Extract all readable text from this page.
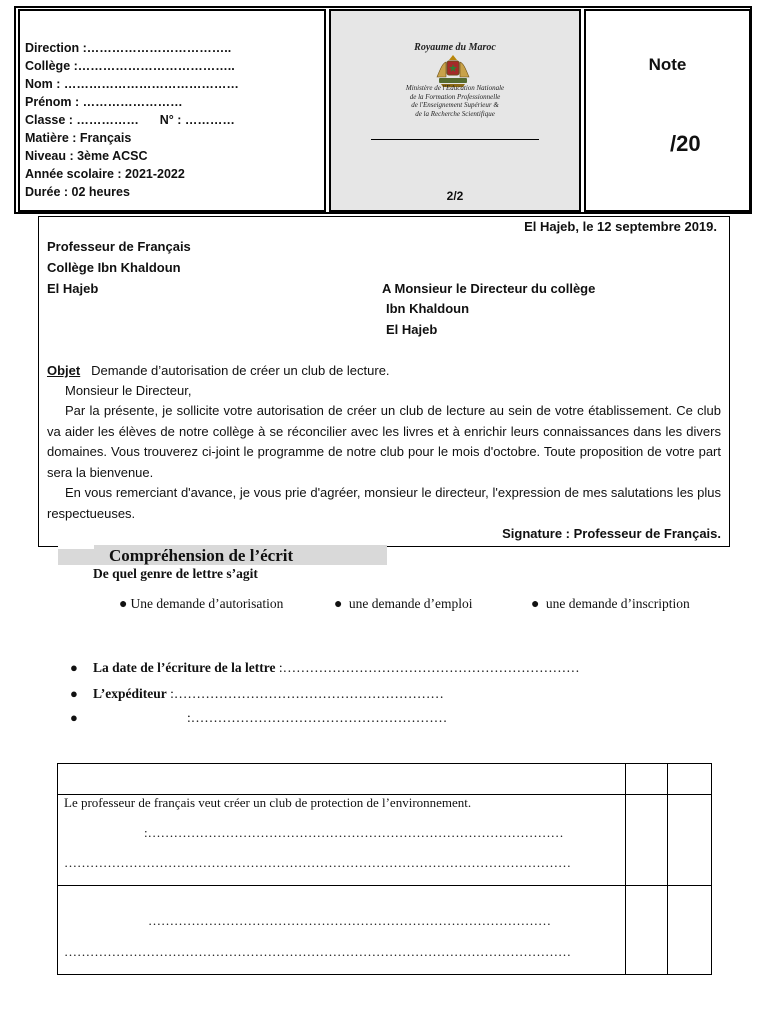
Direction :……………………………..
Collège :………………………………..
Nom : ……………………………………
Prénom : ……………………
Classe : ……………      N° : …………
Matière : Français
Niveau : 3ème ACSC
Année scolaire : 2021-2022
Durée : 02 heures
Royaume du Maroc
Ministère de l'Education Nationale
de la Formation Professionnelle
de l'Enseignement Supérieur &
de la Recherche Scientifique
2/2
Note
/20
El Hajeb, le 12 septembre 2019.
Professeur de Français
Collège Ibn Khaldoun
El Hajeb	A Monsieur le Directeur du collège
Ibn Khaldoun
El Hajeb
Objet Demande d’autorisation de créer un club de lecture.
Monsieur le Directeur,
Par la présente, je sollicite votre autorisation de créer un club de lecture au sein de votre établissement. Ce club va aider les élèves de notre collège à se réconcilier avec les livres et à enrichir leurs connaissances dans les divers domaines. Vous trouverez ci-joint le programme de notre club pour le mois d'octobre. Toute proposition de votre part sera la bienvenue.
En vous remerciant d'avance, je vous prie d'agréer, monsieur le directeur, l'expression de mes salutations les plus respectueuses.
Signature : Professeur de Français.
Compréhension de l’écrit
De quel genre de lettre s’agit
● Une demande d’autorisation	● une demande d’emploi	● une demande d’inscription
● La date de l’écriture de la lettre :…………………………………………………………
● L’expéditeur :……………………………………………………
●	:…………………………………………………
Le professeur de français veut créer un club de protection de l’environnement.
:……………………………………………………………………………………
………………………………………………………………………………………………………
…………………………………………………………………………………
………………………………………………………………………………………………………
